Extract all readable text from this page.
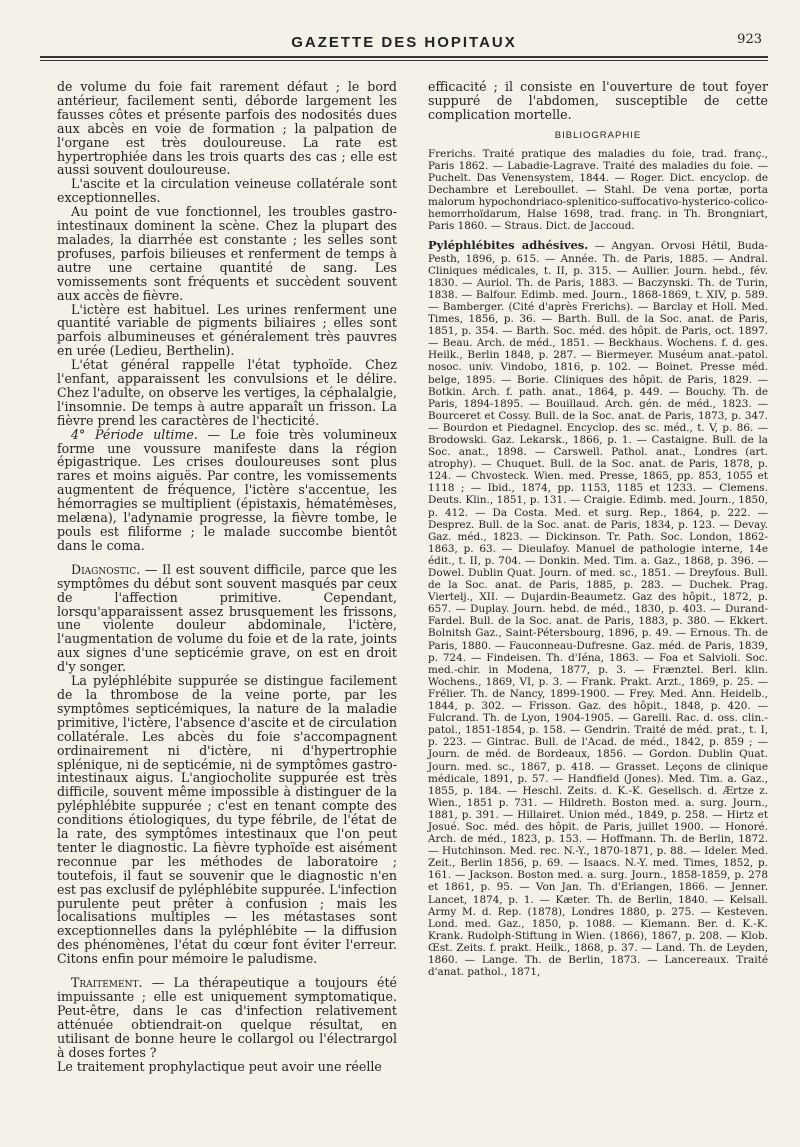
GAZETTE DES HOPITAUX	923

de volume du foie fait rarement défaut ; le bord antérieur, facilement senti, déborde largement les fausses côtes et présente parfois des nodosités dues aux abcès en voie de formation ; la palpation de l'organe est très douloureuse. La rate est hypertrophiée dans les trois quarts des cas ; elle est aussi souvent douloureuse.

L'ascite et la circulation veineuse collatérale sont exceptionnelles.

Au point de vue fonctionnel, les troubles gastro-intestinaux dominent la scène. Chez la plupart des malades, la diarrhée est constante ; les selles sont profuses, parfois bilieuses et renferment de temps à autre une certaine quantité de sang. Les vomissements sont fréquents et succèdent souvent aux accès de fièvre.

L'ictère est habituel. Les urines renferment une quantité variable de pigments biliaires ; elles sont parfois albumineuses et généralement très pauvres en urée (Ledieu, Berthelin).

L'état général rappelle l'état typhoïde. Chez l'enfant, apparaissent les convulsions et le délire. Chez l'adulte, on observe les vertiges, la céphalalgie, l'insomnie. De temps à autre apparaît un frisson. La fièvre prend les caractères de l'hecticité.

4° Période ultime. — Le foie très volumineux forme une voussure manifeste dans la région épigastrique. Les crises douloureuses sont plus rares et moins aiguës. Par contre, les vomissements augmentent de fréquence, l'ictère s'accentue, les hémorragies se multiplient (épistaxis, hématémèses, melæna), l'adynamie progresse, la fièvre tombe, le pouls est filiforme ; le malade succombe bientôt dans le coma.

Diagnostic. — Il est souvent difficile, parce que les symptômes du début sont souvent masqués par ceux de l'affection primitive. Cependant, lorsqu'apparaissent assez brusquement les frissons, une violente douleur abdominale, l'ictère, l'augmentation de volume du foie et de la rate, joints aux signes d'une septicémie grave, on est en droit d'y songer.

La pyléphlébite suppurée se distingue facilement de la thrombose de la veine porte, par les symptômes septicémiques, la nature de la maladie primitive, l'ictère, l'absence d'ascite et de circulation collatérale. Les abcès du foie s'accompagnent ordinairement ni d'ictère, ni d'hypertrophie splénique, ni de septicémie, ni de symptômes gastro-intestinaux aigus. L'angiocholite suppurée est très difficile, souvent même impossible à distinguer de la pyléphlébite suppurée ; c'est en tenant compte des conditions étiologiques, du type fébrile, de l'état de la rate, des symptômes intestinaux que l'on peut tenter le diagnostic. La fièvre typhoïde est aisément reconnue par les méthodes de laboratoire ; toutefois, il faut se souvenir que le diagnostic n'en est pas exclusif de pyléphlébite suppurée. L'infection purulente peut prêter à confusion ; mais les localisations multiples — les métastases sont exceptionnelles dans la pyléphlébite — la diffusion des phénomènes, l'état du cœur font éviter l'erreur. Citons enfin pour mémoire le paludisme.

Traitement. — La thérapeutique a toujours été impuissante ; elle est uniquement symptomatique. Peut-être, dans le cas d'infection relativement atténuée obtiendrait-on quelque résultat, en utilisant de bonne heure le collargol ou l'électrargol à doses fortes ?

Le traitement prophylactique peut avoir une réelle

efficacité ; il consiste en l'ouverture de tout foyer suppuré de l'abdomen, susceptible de cette complication mortelle.

BIBLIOGRAPHIE

Frerichs. Traité pratique des maladies du foie, trad. franç., Paris 1862. — Labadie-Lagrave. Traité des maladies du foie. — Puchelt. Das Venensystem, 1844. — Roger. Dict. encyclop. de Dechambre et Lereboullet. — Stahl. De vena portæ, porta malorum hypochondriaco-splenitico-suffocativo-hysterico-colico-hemorrhoïdarum, Halse 1698, trad. franç. in Th. Brongniart, Paris 1860. — Straus. Dict. de Jaccoud.

Pyléphlébites adhésives. — Angyan. Orvosi Hétil, Buda-Pesth, 1896, p. 615. — Année. Th. de Paris, 1885. — Andral. Cliniques médicales, t. II, p. 315. — Aullier. Journ. hebd., fév. 1830. — Auriol. Th. de Paris, 1883. — Baczynski. Th. de Turin, 1838. — Balfour. Edimb. med. Journ., 1868-1869, t. XIV, p. 589. — Bamberger. (Cité d'après Frerichs). — Barclay et Holl. Med. Times, 1856, p. 36. — Barth. Bull. de la Soc. anat. de Paris, 1851, p. 354. — Barth. Soc. méd. des hôpit. de Paris, oct. 1897. — Beau. Arch. de méd., 1851. — Beckhaus. Wochens. f. d. ges. Heilk., Berlin 1848, p. 287. — Biermeyer. Muséum anat.-patol. nosoc. univ. Vindobo, 1816, p. 102. — Boinet. Presse méd. belge, 1895. — Borie. Cliniques des hôpit. de Paris, 1829. — Botkin. Arch. f. path. anat., 1864, p. 449. — Bouchy. Th. de Paris, 1894-1895. — Bouillaud. Arch. gén. de méd., 1823. — Bourceret et Cossy. Bull. de la Soc. anat. de Paris, 1873, p. 347. — Bourdon et Piedagnel. Encyclop. des sc. méd., t. V, p. 86. — Brodowski. Gaz. Lekarsk., 1866, p. 1. — Castaigne. Bull. de la Soc. anat., 1898. — Carswell. Pathol. anat., Londres (art. atrophy). — Chuquet. Bull. de la Soc. anat. de Paris, 1878, p. 124. — Chvosteck. Wien. med. Presse, 1865, pp. 853, 1055 et 1118 ; — Ibid., 1874, pp. 1153, 1185 et 1233. — Clemens. Deuts. Klin., 1851, p. 131. — Craigie. Edimb. med. Journ., 1850, p. 412. — Da Costa. Med. et surg. Rep., 1864, p. 222. — Desprez. Bull. de la Soc. anat. de Paris, 1834, p. 123. — Devay. Gaz. méd., 1823. — Dickinson. Tr. Path. Soc. London, 1862-1863, p. 63. — Dieulafoy. Manuel de pathologie interne, 14e édit., t. II, p. 704. — Donkin. Med. Tim. a. Gaz., 1868, p. 396. — Dowel. Dublin Quat. Journ. of med. sc., 1851. — Dreyfous. Bull. de la Soc. anat. de Paris, 1885, p. 283. — Duchek. Prag. Viertelj., XII. — Dujardin-Beaumetz. Gaz des hôpit., 1872, p. 657. — Duplay. Journ. hebd. de méd., 1830, p. 403. — Durand-Fardel. Bull. de la Soc. anat. de Paris, 1883, p. 380. — Ekkert. Bolnitsh Gaz., Saint-Pétersbourg, 1896, p. 49. — Ernous. Th. de Paris, 1880. — Fauconneau-Dufresne. Gaz. méd. de Paris, 1839, p. 724. — Findeisen. Th. d'Iéna, 1863. — Foa et Salvioli. Soc. med.-chir. in Modena, 1877, p. 3. — Frænztel. Berl. klin. Wochens., 1869, VI, p. 3. — Frank. Prakt. Arzt., 1869, p. 25. — Frélier. Th. de Nancy, 1899-1900. — Frey. Med. Ann. Heidelb., 1844, p. 302. — Frisson. Gaz. des hôpit., 1848, p. 420. — Fulcrand. Th. de Lyon, 1904-1905. — Garelli. Rac. d. oss. clin.-patol., 1851-1854, p. 158. — Gendrin. Traité de méd. prat., t. I, p. 223. — Gintrac. Bull. de l'Acad. de méd., 1842, p. 859 ; — Journ. de méd. de Bordeaux, 1856. — Gordon. Dublin Quat. Journ. med. sc., 1867, p. 418. — Grasset. Leçons de clinique médicale, 1891, p. 57. — Handfield (Jones). Med. Tim. a. Gaz., 1855, p. 184. — Heschl. Zeits. d. K.-K. Gesellsch. d. Ærtze z. Wien., 1851 p. 731. — Hildreth. Boston med. a. surg. Journ., 1881, p. 391. — Hillairet. Union méd., 1849, p. 258. — Hirtz et Josué. Soc. méd. des hôpit. de Paris, juillet 1900. — Honoré. Arch. de méd., 1823, p. 153. — Hoffmann. Th. de Berlin, 1872. — Hutchinson. Med. rec. N.-Y., 1870-1871, p. 88. — Ideler. Med. Zeit., Berlin 1856, p. 69. — Isaacs. N.-Y. med. Times, 1852, p. 161. — Jackson. Boston med. a. surg. Journ., 1858-1859, p. 278 et 1861, p. 95. — Von Jan. Th. d'Erlangen, 1866. — Jenner. Lancet, 1874, p. 1. — Kæter. Th. de Berlin, 1840. — Kelsall. Army M. d. Rep. (1878), Londres 1880, p. 275. — Kesteven. Lond. med. Gaz., 1850, p. 1088. — Kiemann. Ber. d. K.-K. Krank. Rudolph-Stiftung in Wien. (1866), 1867, p. 208. — Klob. Œst. Zeits. f. prakt. Heilk., 1868, p. 37. — Land. Th. de Leyden, 1860. — Lange. Th. de Berlin, 1873. — Lancereaux. Traité d'anat. pathol., 1871,
